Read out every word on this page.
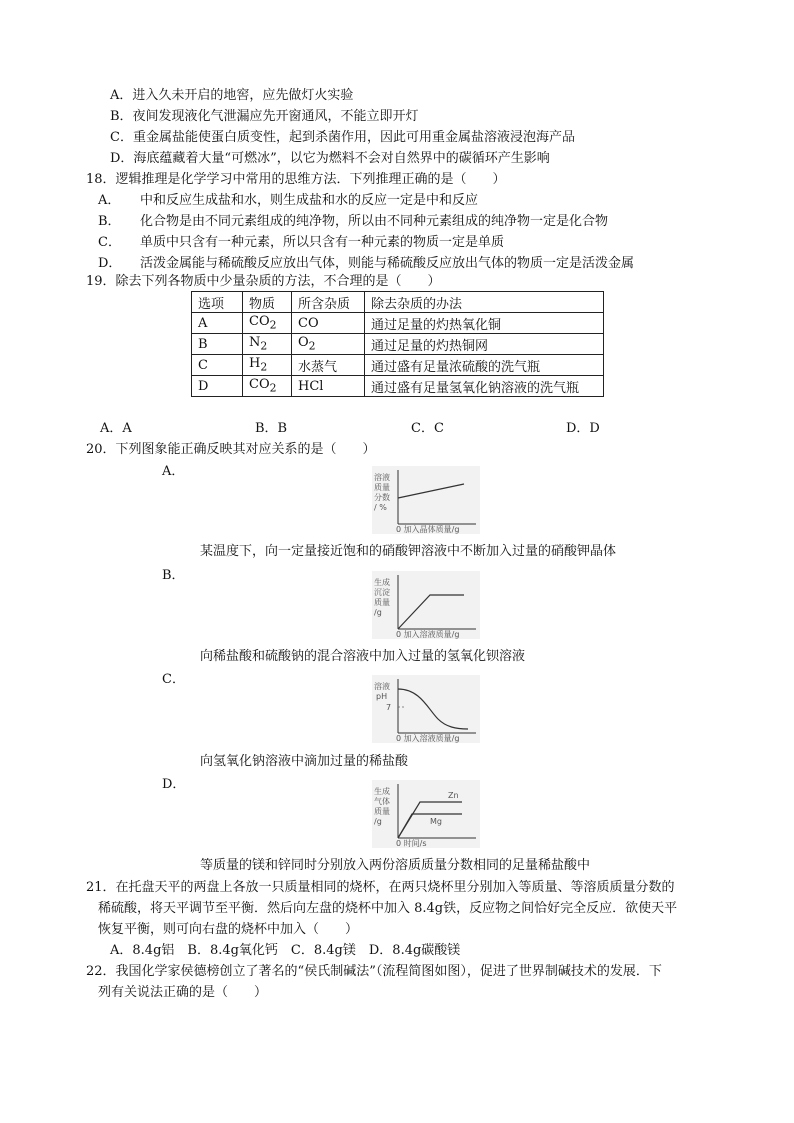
A．进入久未开启的地窖，应先做灯火实验
B．夜间发现液化气泄漏应先开窗通风，不能立即开灯
C．重金属盐能使蛋白质变性，起到杀菌作用，因此可用重金属盐溶液浸泡海产品
D．海底蕴藏着大量“可燃冰”，以它为燃料不会对自然界中的碳循环产生影响
18．逻辑推理是化学学习中常用的思维方法．下列推理正确的是（　　）
A． 中和反应生成盐和水，则生成盐和水的反应一定是中和反应
B． 化合物是由不同元素组成的纯净物，所以由不同种元素组成的纯净物一定是化合物
C． 单质中只含有一种元素，所以只含有一种元素的物质一定是单质
D． 活泼金属能与稀硫酸反应放出气体，则能与稀硫酸反应放出气体的物质一定是活泼金属
19．除去下列各物质中少量杂质的方法，不合理的是（　　）
选项	物质	所含杂质	除去杂质的办法
A	$CO_2$	CO	通过足量的灼热氧化铜
B	$N_2$	$O_2$	通过足量的灼热铜网
C	$H_2$	水蒸气	通过盛有足量浓硫酸的洗气瓶
D	$CO_2$	HCl	通过盛有足量氢氧化钠溶液的洗气瓶
A．A	B．B	C．C	D．D
20．下列图象能正确反映其对应关系的是（　　）
A．	溶液
质量
分数
/ %
0 加入晶体质量/g
某温度下，向一定量接近饱和的硝酸钾溶液中不断加入过量的硝酸钾晶体
B．	生成
沉淀
质量
/g
0 加入溶液质量/g
向稀盐酸和硫酸钠的混合溶液中加入过量的氢氧化钡溶液
C．	溶液
pH
7
0 加入溶液质量/g
向氢氧化钠溶液中滴加过量的稀盐酸
D．
Zn
Mg
生成
气体
质量
/g
0 时间/s
等质量的镁和锌同时分别放入两份溶质质量分数相同的足量稀盐酸中
21．在托盘天平的两盘上各放一只质量相同的烧杯，在两只烧杯里分别加入等质量、等溶质质量分数的
稀硫酸，将天平调节至平衡．然后向左盘的烧杯中加入 8.4g铁，反应物之间恰好完全反应．欲使天平
恢复平衡，则可向右盘的烧杯中加入（　　）
A．8.4g铝　B．8.4g氧化钙　C．8.4g镁　D．8.4g碳酸镁
22．我国化学家侯德榜创立了著名的“侯氏制碱法”（流程简图如图），促进了世界制碱技术的发展．下
列有关说法正确的是（　　）
